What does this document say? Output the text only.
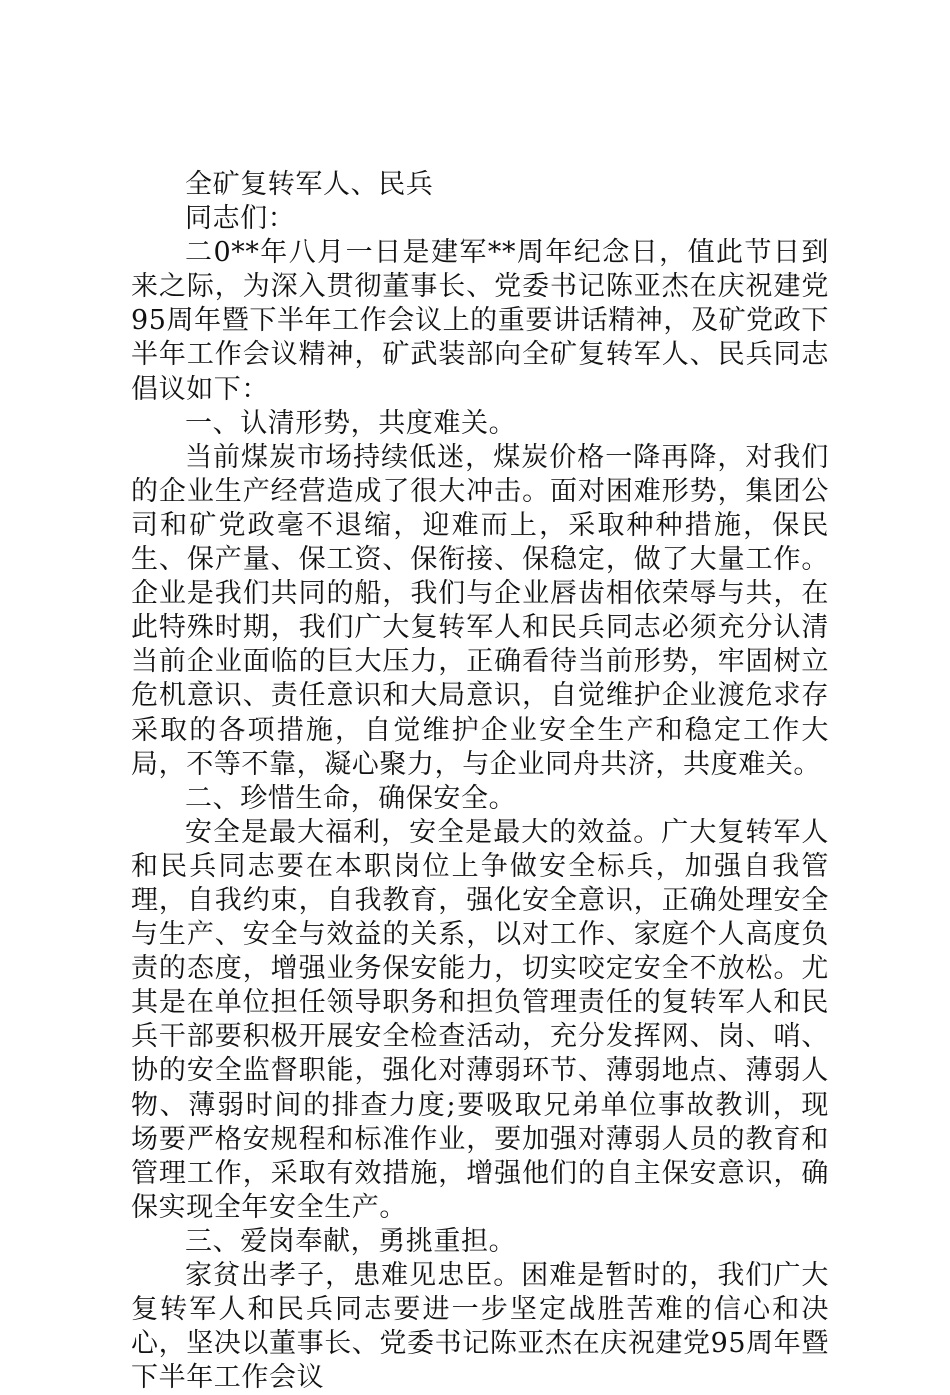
全矿复转军人、民兵

同志们：

二0**年八月一日是建军**周年纪念日，值此节日到来之际，为深入贯彻董事长、党委书记陈亚杰在庆祝建党95周年暨下半年工作会议上的重要讲话精神，及矿党政下半年工作会议精神，矿武装部向全矿复转军人、民兵同志倡议如下：

一、认清形势，共度难关。

当前煤炭市场持续低迷，煤炭价格一降再降，对我们的企业生产经营造成了很大冲击。面对困难形势，集团公司和矿党政毫不退缩，迎难而上，采取种种措施，保民生、保产量、保工资、保衔接、保稳定，做了大量工作。企业是我们共同的船，我们与企业唇齿相依荣辱与共，在此特殊时期，我们广大复转军人和民兵同志必须充分认清当前企业面临的巨大压力，正确看待当前形势，牢固树立危机意识、责任意识和大局意识，自觉维护企业渡危求存采取的各项措施，自觉维护企业安全生产和稳定工作大局，不等不靠，凝心聚力，与企业同舟共济，共度难关。

二、珍惜生命，确保安全。

安全是最大福利，安全是最大的效益。广大复转军人和民兵同志要在本职岗位上争做安全标兵，加强自我管理，自我约束，自我教育，强化安全意识，正确处理安全与生产、安全与效益的关系，以对工作、家庭个人高度负责的态度，增强业务保安能力，切实咬定安全不放松。尤其是在单位担任领导职务和担负管理责任的复转军人和民兵干部要积极开展安全检查活动，充分发挥网、岗、哨、协的安全监督职能，强化对薄弱环节、薄弱地点、薄弱人物、薄弱时间的排查力度;要吸取兄弟单位事故教训，现场要严格安规程和标准作业，要加强对薄弱人员的教育和管理工作，采取有效措施，增强他们的自主保安意识，确保实现全年安全生产。

三、爱岗奉献，勇挑重担。

家贫出孝子，患难见忠臣。困难是暂时的，我们广大复转军人和民兵同志要进一步坚定战胜苦难的信心和决心，坚决以董事长、党委书记陈亚杰在庆祝建党95周年暨下半年工作会议
